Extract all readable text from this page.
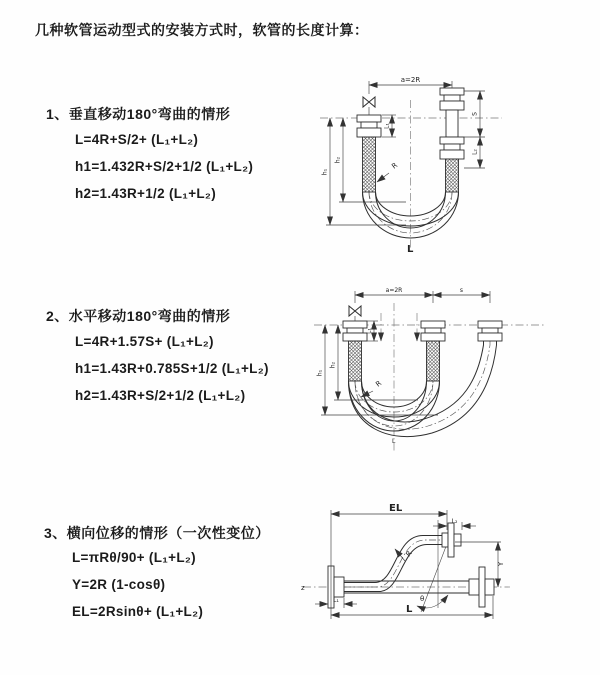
几种软管运动型式的安装方式时，软管的长度计算：
1、垂直移动180°弯曲的情形
L=4R+S/2+ (L₁+L₂)
h1=1.432R+S/2+1/2 (L₁+L₂)
h2=1.43R+1/2 (L₁+L₂)
2、水平移动180°弯曲的情形
L=4R+1.57S+ (L₁+L₂)
h1=1.43R+0.785S+1/2 (L₁+L₂)
h2=1.43R+S/2+1/2 (L₁+L₂)
3、横向位移的情形（一次性变位）
L=πRθ/90+ (L₁+L₂)
Y=2R (1-cosθ)
EL=2Rsinθ+ (L₁+L₂)
a=2R
S
L₂
L₁
h₂
h₁
R
L
a=2R	s
L₁
h₂
h₁
R
L
z
θ
EL
L₂
Y
R
L
L₁
